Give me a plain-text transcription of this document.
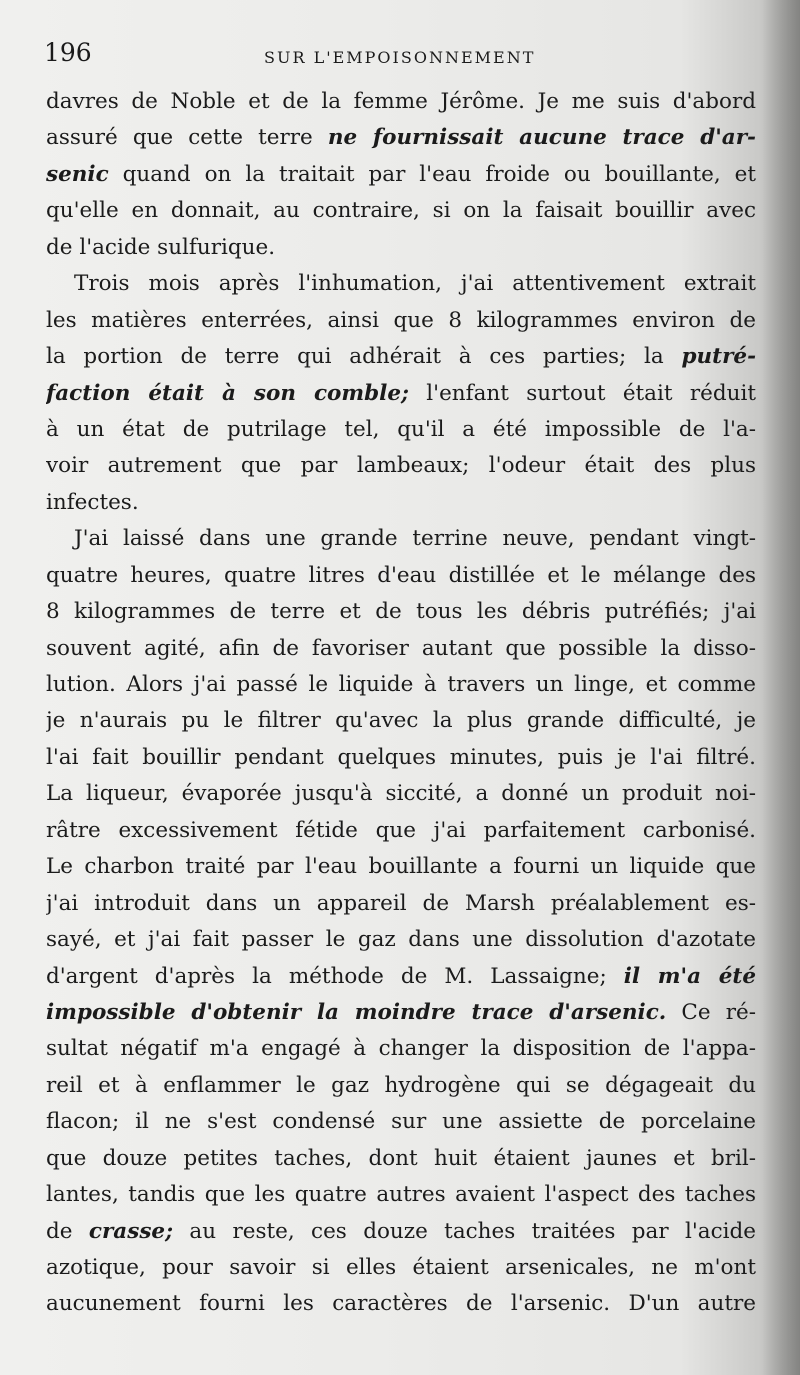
196	SUR L'EMPOISONNEMENT
davres de Noble et de la femme Jérôme. Je me suis d'abord
assuré que cette terre ne fournissait aucune trace d'ar-
senic quand on la traitait par l'eau froide ou bouillante, et
qu'elle en donnait, au contraire, si on la faisait bouillir avec
de l'acide sulfurique.
Trois mois après l'inhumation, j'ai attentivement extrait
les matières enterrées, ainsi que 8 kilogrammes environ de
la portion de terre qui adhérait à ces parties; la putré-
faction était à son comble; l'enfant surtout était réduit
à un état de putrilage tel, qu'il a été impossible de l'a-
voir autrement que par lambeaux; l'odeur était des plus
infectes.
J'ai laissé dans une grande terrine neuve, pendant vingt-
quatre heures, quatre litres d'eau distillée et le mélange des
8 kilogrammes de terre et de tous les débris putréfiés; j'ai
souvent agité, afin de favoriser autant que possible la disso-
lution. Alors j'ai passé le liquide à travers un linge, et comme
je n'aurais pu le filtrer qu'avec la plus grande difficulté, je
l'ai fait bouillir pendant quelques minutes, puis je l'ai filtré.
La liqueur, évaporée jusqu'à siccité, a donné un produit noi-
râtre excessivement fétide que j'ai parfaitement carbonisé.
Le charbon traité par l'eau bouillante a fourni un liquide que
j'ai introduit dans un appareil de Marsh préalablement es-
sayé, et j'ai fait passer le gaz dans une dissolution d'azotate
d'argent d'après la méthode de M. Lassaigne; il m'a été
impossible d'obtenir la moindre trace d'arsenic. Ce ré-
sultat négatif m'a engagé à changer la disposition de l'appa-
reil et à enflammer le gaz hydrogène qui se dégageait du
flacon; il ne s'est condensé sur une assiette de porcelaine
que douze petites taches, dont huit étaient jaunes et bril-
lantes, tandis que les quatre autres avaient l'aspect des taches
de crasse; au reste, ces douze taches traitées par l'acide
azotique, pour savoir si elles étaient arsenicales, ne m'ont
aucunement fourni les caractères de l'arsenic. D'un autre
